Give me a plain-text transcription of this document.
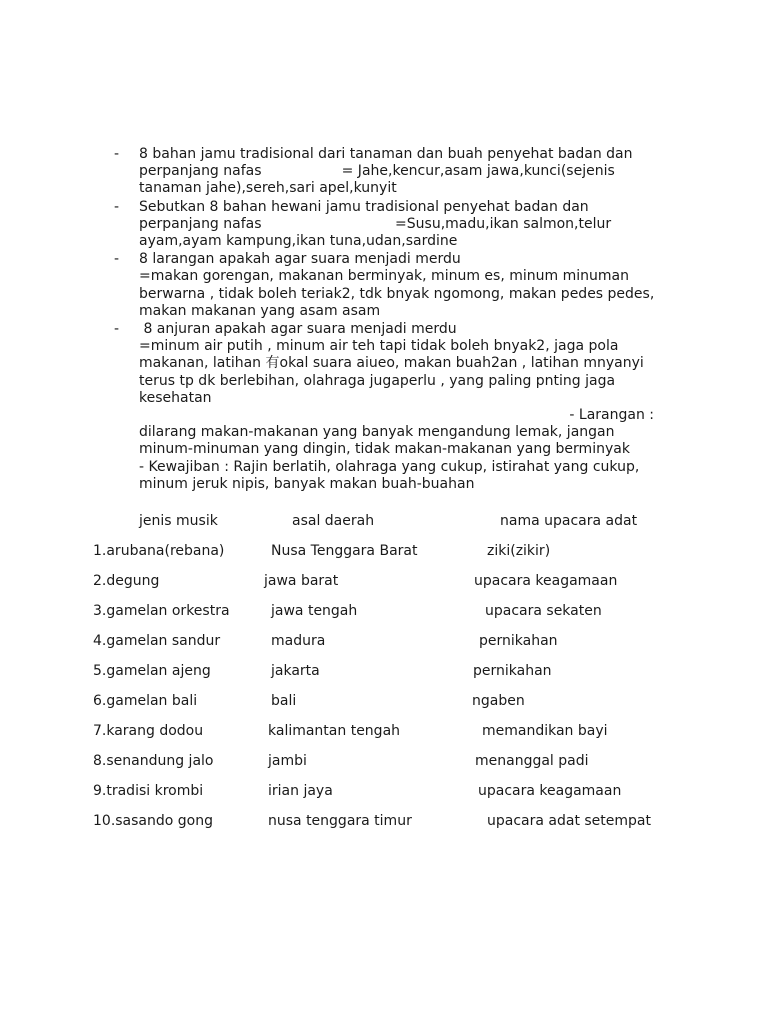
- 8 bahan jamu tradisional dari tanaman dan buah penyehat badan dan
perpanjang nafas                  = Jahe,kencur,asam jawa,kunci(sejenis
tanaman jahe),sereh,sari apel,kunyit
- Sebutkan 8 bahan hewani jamu tradisional penyehat badan dan
perpanjang nafas                              =Susu,madu,ikan salmon,telur
ayam,ayam kampung,ikan tuna,udan,sardine
- 8 larangan apakah agar suara menjadi merdu
=makan gorengan, makanan berminyak, minum es, minum minuman
berwarna , tidak boleh teriak2, tdk bnyak ngomong, makan pedes pedes,
makan makanan yang asam asam
- 8 anjuran apakah agar suara menjadi merdu
=minum air putih , minum air teh tapi tidak boleh bnyak2, jaga pola
makanan, latihan 有okal suara aiueo, makan buah2an , latihan mnyanyi
terus tp dk berlebihan, olahraga jugaperlu , yang paling pnting jaga
kesehatan
- Larangan :
dilarang makan-makanan yang banyak mengandung lemak, jangan
minum-minuman yang dingin, tidak makan-makanan yang berminyak
- Kewajiban : Rajin berlatih, olahraga yang cukup, istirahat yang cukup,
minum jeruk nipis, banyak makan buah-buahan
jenis musik	asal daerah	nama upacara adat
1.arubana(rebana)	Nusa Tenggara Barat	ziki(zikir)
2.degung	jawa barat	upacara keagamaan
3.gamelan orkestra	jawa tengah	upacara sekaten
4.gamelan sandur	madura	pernikahan
5.gamelan ajeng	jakarta	pernikahan
6.gamelan bali	bali	ngaben
7.karang dodou	kalimantan tengah	memandikan bayi
8.senandung jalo	jambi	menanggal padi
9.tradisi krombi	irian jaya	upacara keagamaan
10.sasando gong	nusa tenggara timur	upacara adat setempat
